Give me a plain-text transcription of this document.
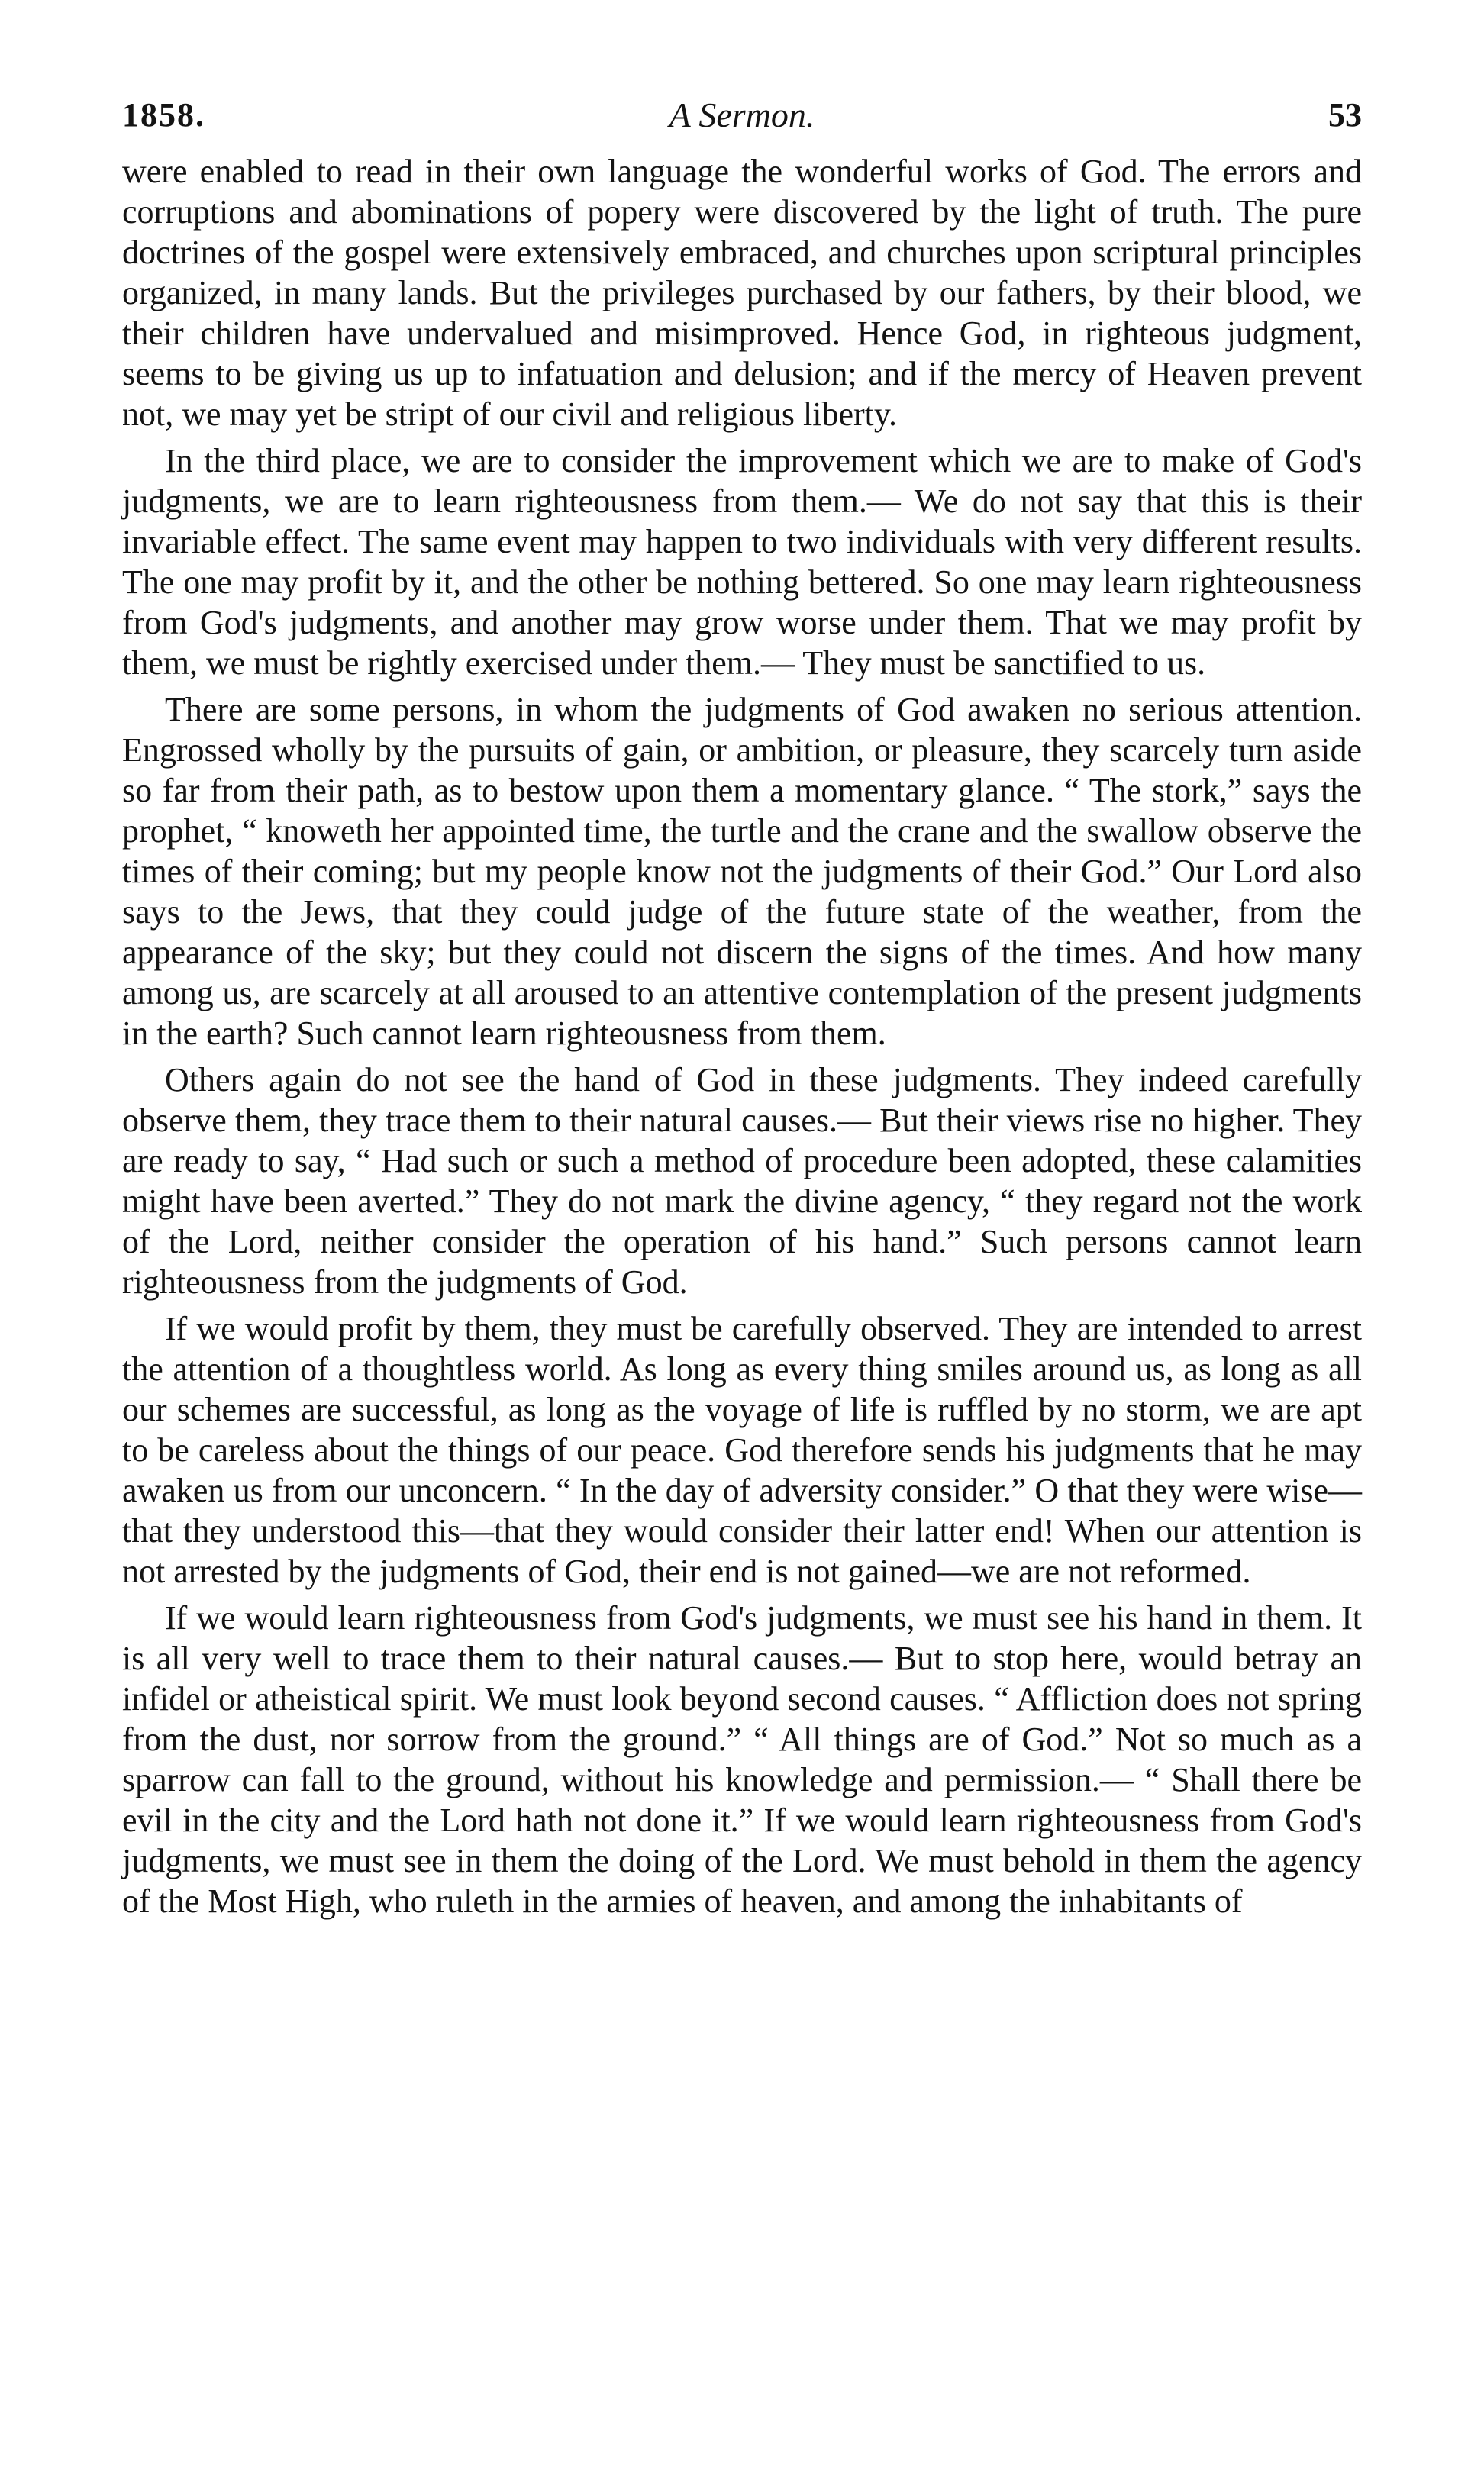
1858.	A Sermon.	53

were enabled to read in their own language the wonderful works of God. The errors and corruptions and abominations of popery were discovered by the light of truth. The pure doctrines of the gospel were extensively embraced, and churches upon scriptural principles organized, in many lands. But the privileges purchased by our fathers, by their blood, we their children have undervalued and misimproved. Hence God, in righteous judgment, seems to be giving us up to infatuation and delusion; and if the mercy of Heaven prevent not, we may yet be stript of our civil and religious liberty.

In the third place, we are to consider the improvement which we are to make of God's judgments, we are to learn righteousness from them.— We do not say that this is their invariable effect. The same event may happen to two individuals with very different results. The one may profit by it, and the other be nothing bettered. So one may learn righteousness from God's judgments, and another may grow worse under them. That we may profit by them, we must be rightly exercised under them.— They must be sanctified to us.

There are some persons, in whom the judgments of God awaken no serious attention. Engrossed wholly by the pursuits of gain, or ambition, or pleasure, they scarcely turn aside so far from their path, as to bestow upon them a momentary glance. “ The stork,” says the prophet, “ knoweth her appointed time, the turtle and the crane and the swallow observe the times of their coming; but my people know not the judgments of their God.” Our Lord also says to the Jews, that they could judge of the future state of the weather, from the appearance of the sky; but they could not discern the signs of the times. And how many among us, are scarcely at all aroused to an attentive contemplation of the present judgments in the earth? Such cannot learn righteousness from them.

Others again do not see the hand of God in these judgments. They indeed carefully observe them, they trace them to their natural causes.— But their views rise no higher. They are ready to say, “ Had such or such a method of procedure been adopted, these calamities might have been averted.” They do not mark the divine agency, “ they regard not the work of the Lord, neither consider the operation of his hand.” Such persons cannot learn righteousness from the judgments of God.

If we would profit by them, they must be carefully observed. They are intended to arrest the attention of a thoughtless world. As long as every thing smiles around us, as long as all our schemes are successful, as long as the voyage of life is ruffled by no storm, we are apt to be careless about the things of our peace. God therefore sends his judgments that he may awaken us from our unconcern. “ In the day of adversity consider.” O that they were wise—that they understood this—that they would consider their latter end! When our attention is not arrested by the judgments of God, their end is not gained—we are not reformed.

If we would learn righteousness from God's judgments, we must see his hand in them. It is all very well to trace them to their natural causes.— But to stop here, would betray an infidel or atheistical spirit. We must look beyond second causes. “ Affliction does not spring from the dust, nor sorrow from the ground.” “ All things are of God.” Not so much as a sparrow can fall to the ground, without his knowledge and permission.— “ Shall there be evil in the city and the Lord hath not done it.” If we would learn righteousness from God's judgments, we must see in them the doing of the Lord. We must behold in them the agency of the Most High, who ruleth in the armies of heaven, and among the inhabitants of
